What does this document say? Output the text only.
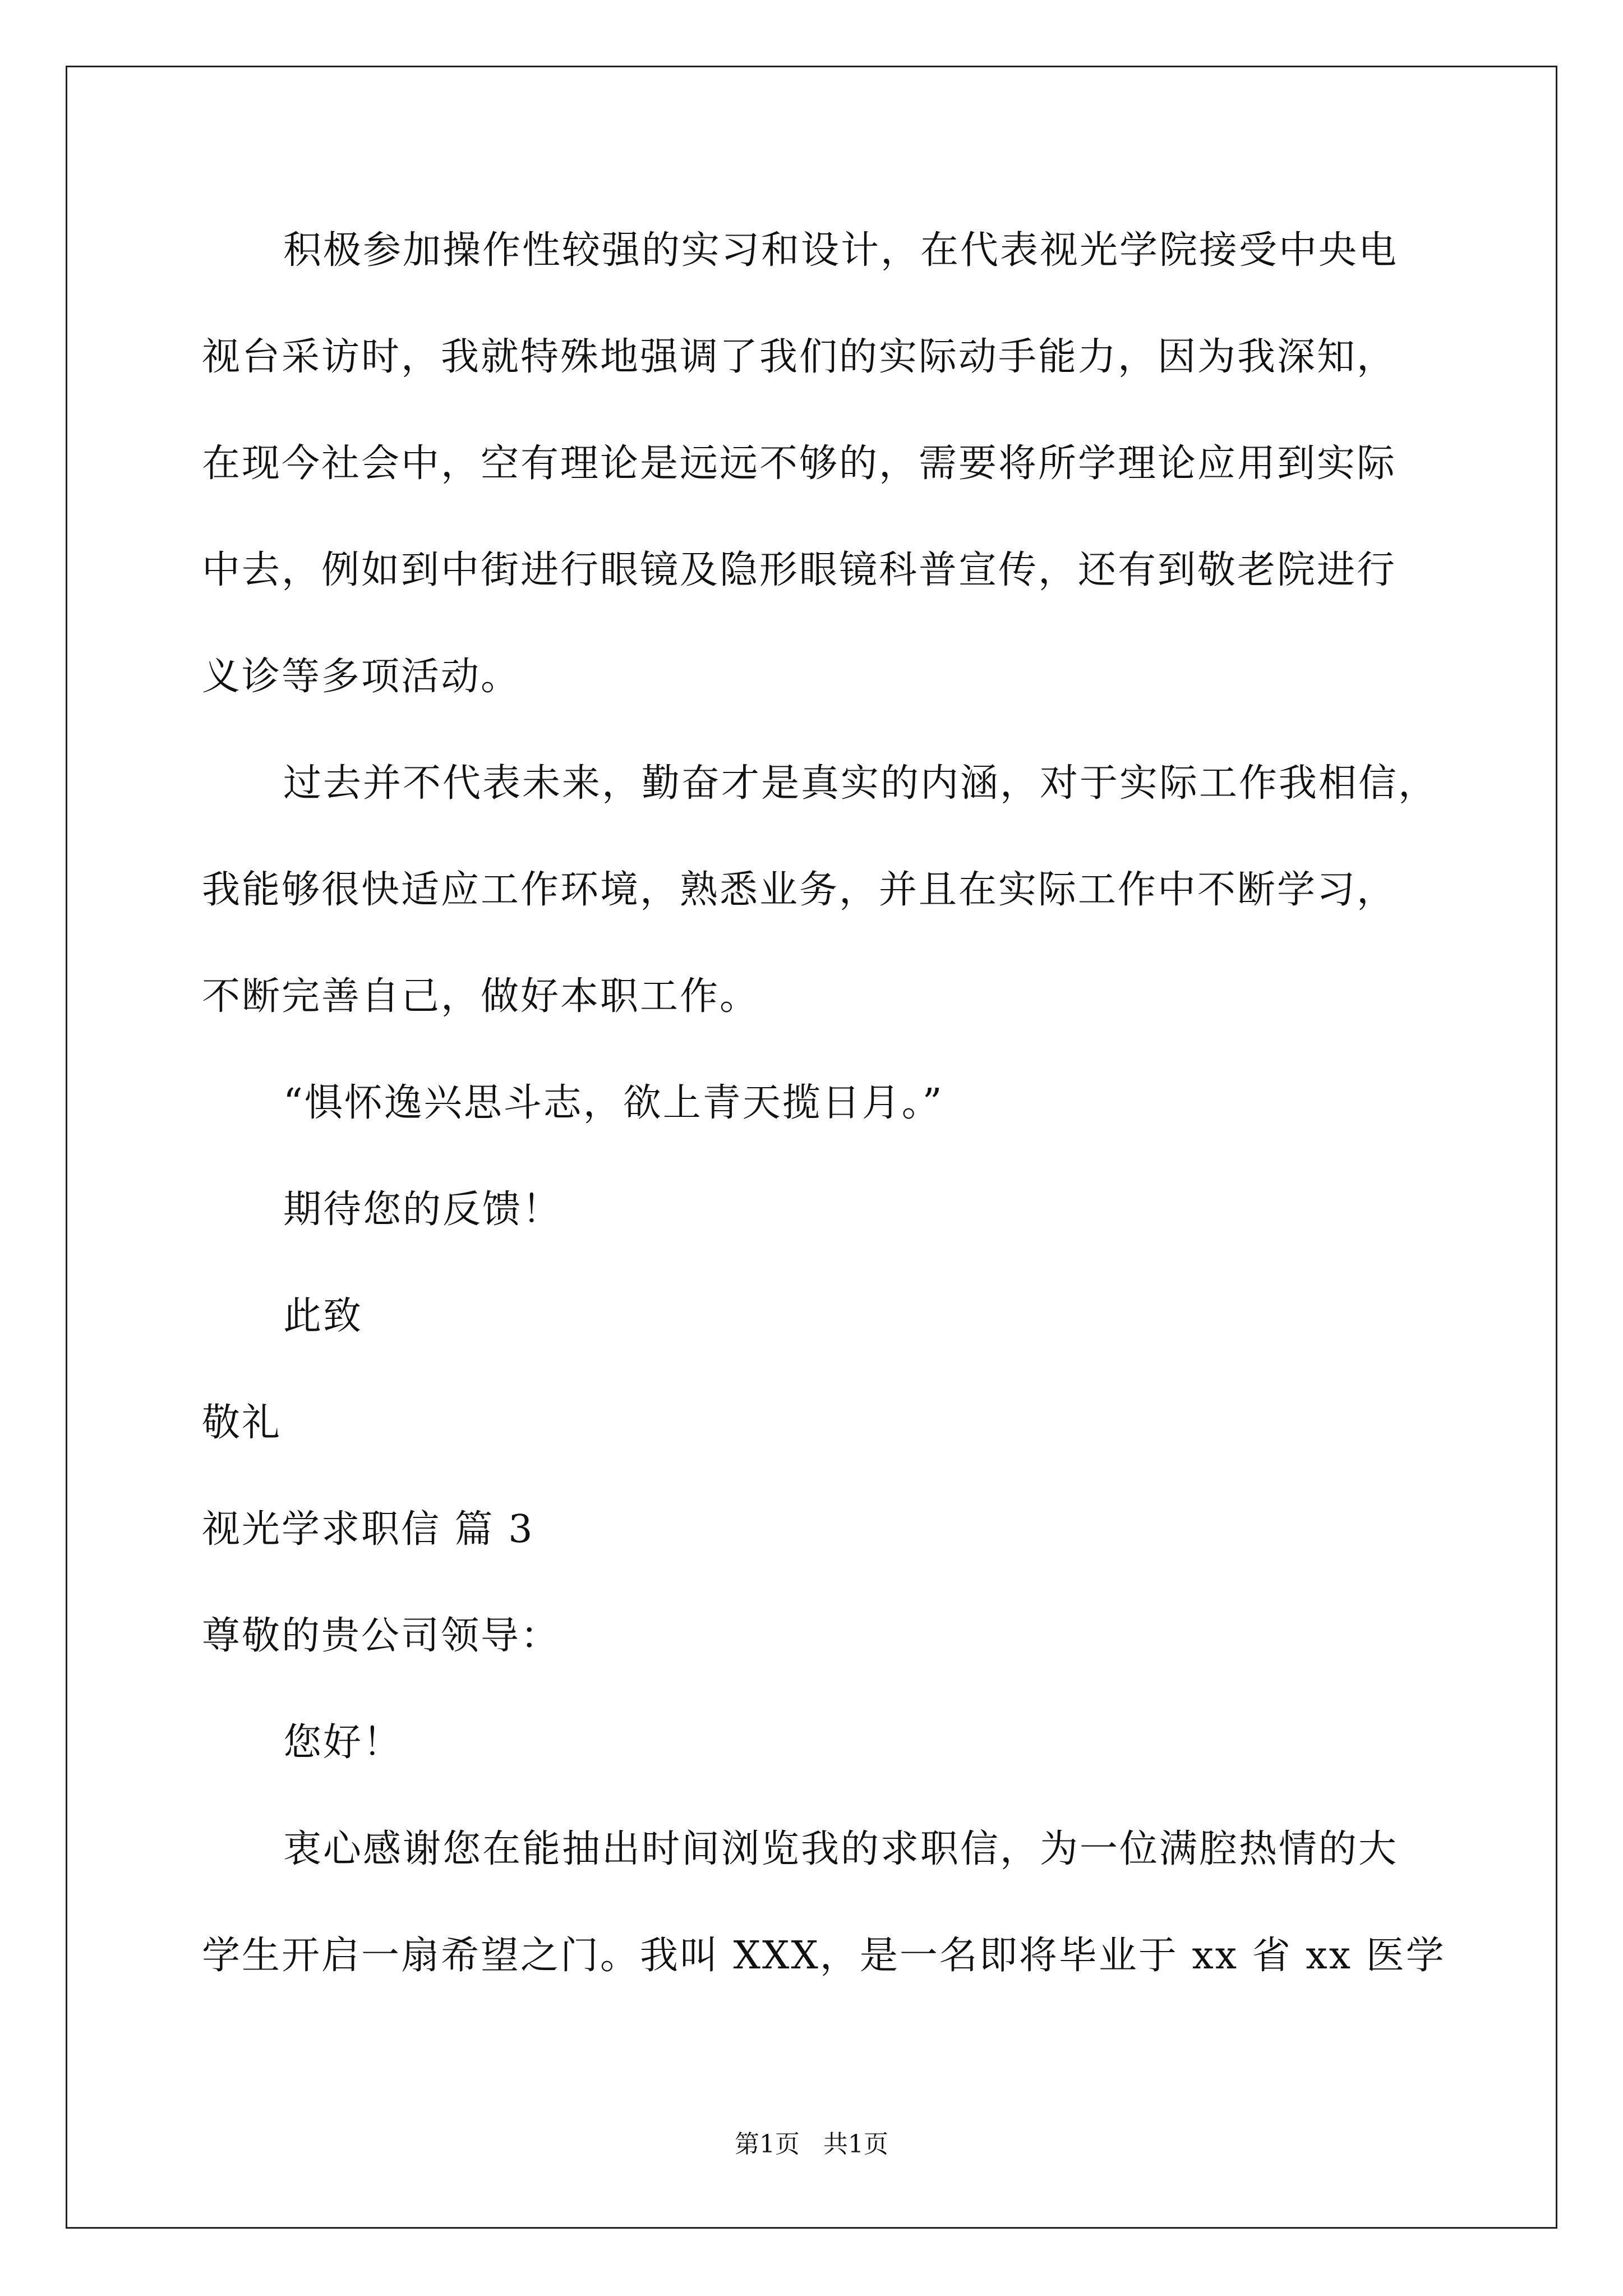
积极参加操作性较强的实习和设计，在代表视光学院接受中央电
视台采访时，我就特殊地强调了我们的实际动手能力，因为我深知，
在现今社会中，空有理论是远远不够的，需要将所学理论应用到实际
中去，例如到中街进行眼镜及隐形眼镜科普宣传，还有到敬老院进行
义诊等多项活动。
过去并不代表未来，勤奋才是真实的内涵，对于实际工作我相信，
我能够很快适应工作环境，熟悉业务，并且在实际工作中不断学习，
不断完善自己，做好本职工作。
“惧怀逸兴思斗志，欲上青天揽日月。”
期待您的反馈！
此致
敬礼
视光学求职信 篇 3
尊敬的贵公司领导：
您好！
衷心感谢您在能抽出时间浏览我的求职信，为一位满腔热情的大
学生开启一扇希望之门。我叫 XXX，是一名即将毕业于 xx 省 xx 医学
第1页   共1页
